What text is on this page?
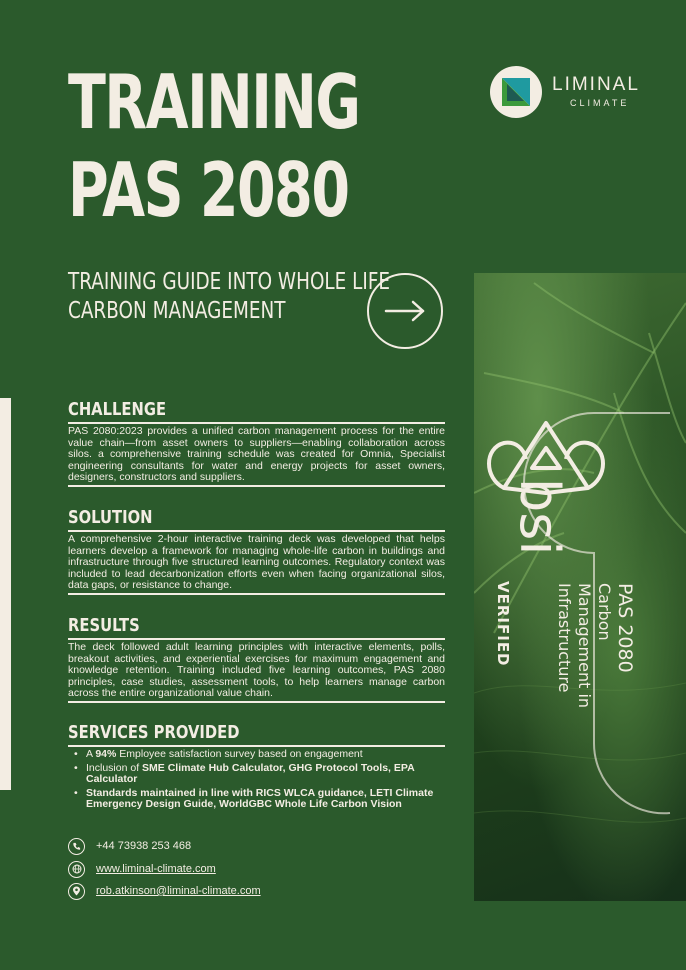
TRAINING
PAS 2080
LIMINAL
CLIMATE
TRAINING GUIDE INTO WHOLE LIFE
CARBON MANAGEMENT
bsi
PAS 2080
Carbon
Management in
Infrastructure
VERIFIED
CHALLENGE

PAS 2080:2023 provides a unified carbon management process for the entire value chain—from asset owners to suppliers—enabling collaboration across silos. a comprehensive training schedule was created for Omnia, Specialist engineering consultants for water and energy projects for asset owners, designers, constructors and suppliers.

SOLUTION

A comprehensive 2-hour interactive training deck was developed that helps learners develop a framework for managing whole-life carbon in buildings and infrastructure through five structured learning outcomes. Regulatory context was included to lead decarbonization efforts even when facing organizational silos, data gaps, or resistance to change.

RESULTS

The deck followed adult learning principles with interactive elements, polls, breakout activities, and experiential exercises for maximum engagement and knowledge retention. Training included five learning outcomes, PAS 2080 principles, case studies, assessment tools, to help learners manage carbon across the entire organizational value chain.

SERVICES PROVIDED
• A 94% Employee satisfaction survey based on engagement
• Inclusion of SME Climate Hub Calculator, GHG Protocol Tools, EPA Calculator
• Standards maintained in line with RICS WLCA guidance, LETI Climate Emergency Design Guide, WorldGBC Whole Life Carbon Vision
+44 73938 253 468
www.liminal-climate.com
rob.atkinson@liminal-climate.com
